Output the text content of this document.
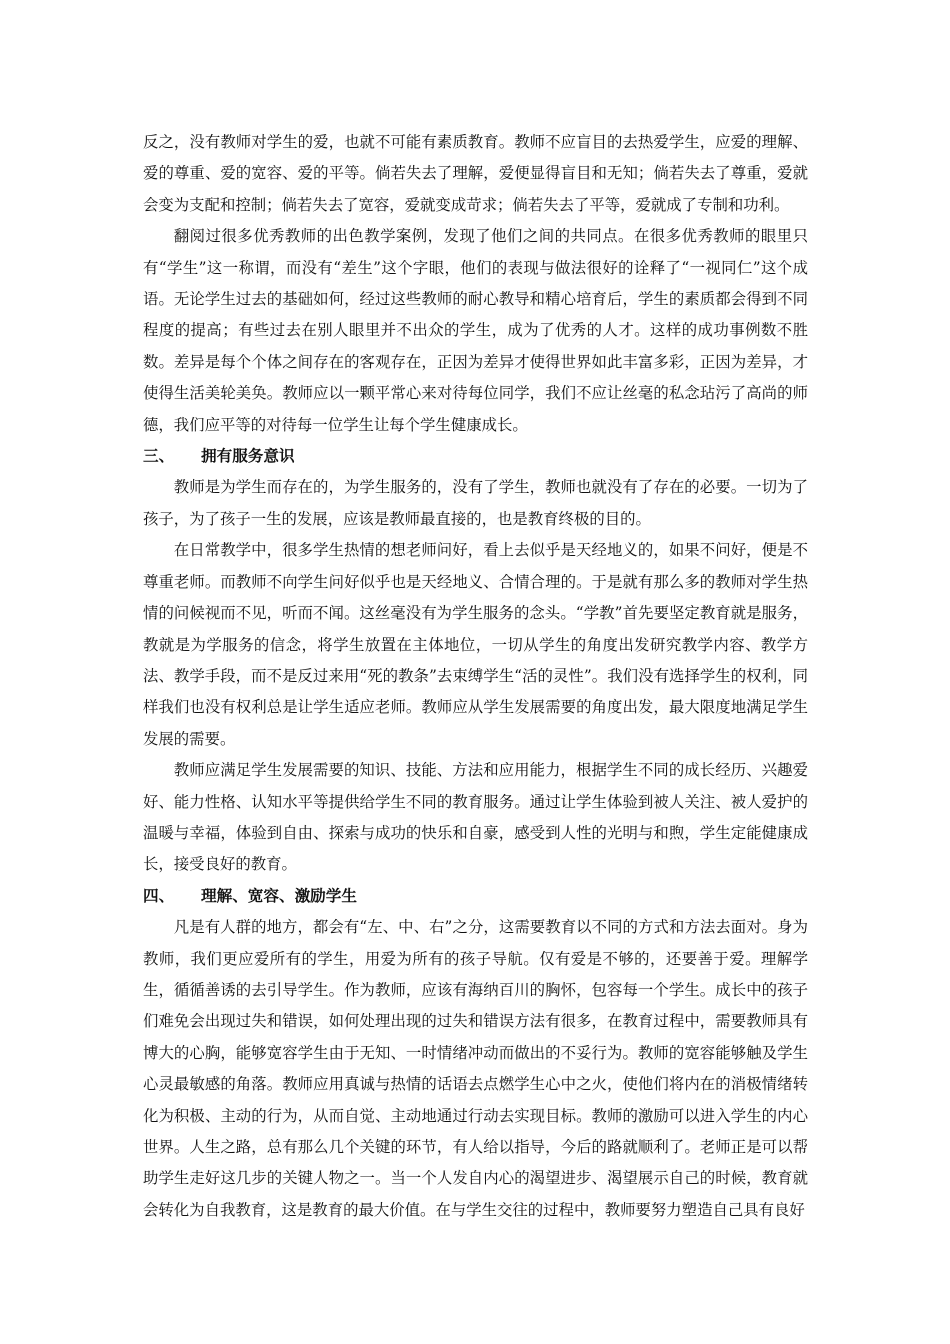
反之，没有教师对学生的爱，也就不可能有素质教育。教师不应盲目的去热爱学生，应爱的理解、爱的尊重、爱的宽容、爱的平等。倘若失去了理解，爱便显得盲目和无知；倘若失去了尊重，爱就会变为支配和控制；倘若失去了宽容，爱就变成苛求；倘若失去了平等，爱就成了专制和功利。

翻阅过很多优秀教师的出色教学案例，发现了他们之间的共同点。在很多优秀教师的眼里只有“学生”这一称谓，而没有“差生”这个字眼，他们的表现与做法很好的诠释了“一视同仁”这个成语。无论学生过去的基础如何，经过这些教师的耐心教导和精心培育后，学生的素质都会得到不同程度的提高；有些过去在别人眼里并不出众的学生，成为了优秀的人才。这样的成功事例数不胜数。差异是每个个体之间存在的客观存在，正因为差异才使得世界如此丰富多彩，正因为差异，才使得生活美轮美奂。教师应以一颗平常心来对待每位同学，我们不应让丝毫的私念玷污了高尚的师德，我们应平等的对待每一位学生让每个学生健康成长。

三、 拥有服务意识

教师是为学生而存在的，为学生服务的，没有了学生，教师也就没有了存在的必要。一切为了孩子，为了孩子一生的发展，应该是教师最直接的，也是教育终极的目的。

在日常教学中，很多学生热情的想老师问好，看上去似乎是天经地义的，如果不问好，便是不尊重老师。而教师不向学生问好似乎也是天经地义、合情合理的。于是就有那么多的教师对学生热情的问候视而不见，听而不闻。这丝毫没有为学生服务的念头。“学教”首先要坚定教育就是服务，教就是为学服务的信念，将学生放置在主体地位，一切从学生的角度出发研究教学内容、教学方法、教学手段，而不是反过来用“死的教条”去束缚学生“活的灵性”。我们没有选择学生的权利，同样我们也没有权利总是让学生适应老师。教师应从学生发展需要的角度出发，最大限度地满足学生发展的需要。

教师应满足学生发展需要的知识、技能、方法和应用能力，根据学生不同的成长经历、兴趣爱好、能力性格、认知水平等提供给学生不同的教育服务。通过让学生体验到被人关注、被人爱护的温暖与幸福，体验到自由、探索与成功的快乐和自豪，感受到人性的光明与和煦，学生定能健康成长，接受良好的教育。

四、 理解、宽容、激励学生

凡是有人群的地方，都会有“左、中、右”之分，这需要教育以不同的方式和方法去面对。身为教师，我们更应爱所有的学生，用爱为所有的孩子导航。仅有爱是不够的，还要善于爱。理解学生，循循善诱的去引导学生。作为教师，应该有海纳百川的胸怀，包容每一个学生。成长中的孩子们难免会出现过失和错误，如何处理出现的过失和错误方法有很多，在教育过程中，需要教师具有博大的心胸，能够宽容学生由于无知、一时情绪冲动而做出的不妥行为。教师的宽容能够触及学生心灵最敏感的角落。教师应用真诚与热情的话语去点燃学生心中之火，使他们将内在的消极情绪转化为积极、主动的行为，从而自觉、主动地通过行动去实现目标。教师的激励可以进入学生的内心世界。人生之路，总有那么几个关键的环节，有人给以指导，今后的路就顺利了。老师正是可以帮助学生走好这几步的关键人物之一。当一个人发自内心的渴望进步、渴望展示自己的时候，教育就会转化为自我教育，这是教育的最大价值。在与学生交往的过程中，教师要努力塑造自己具有良好
